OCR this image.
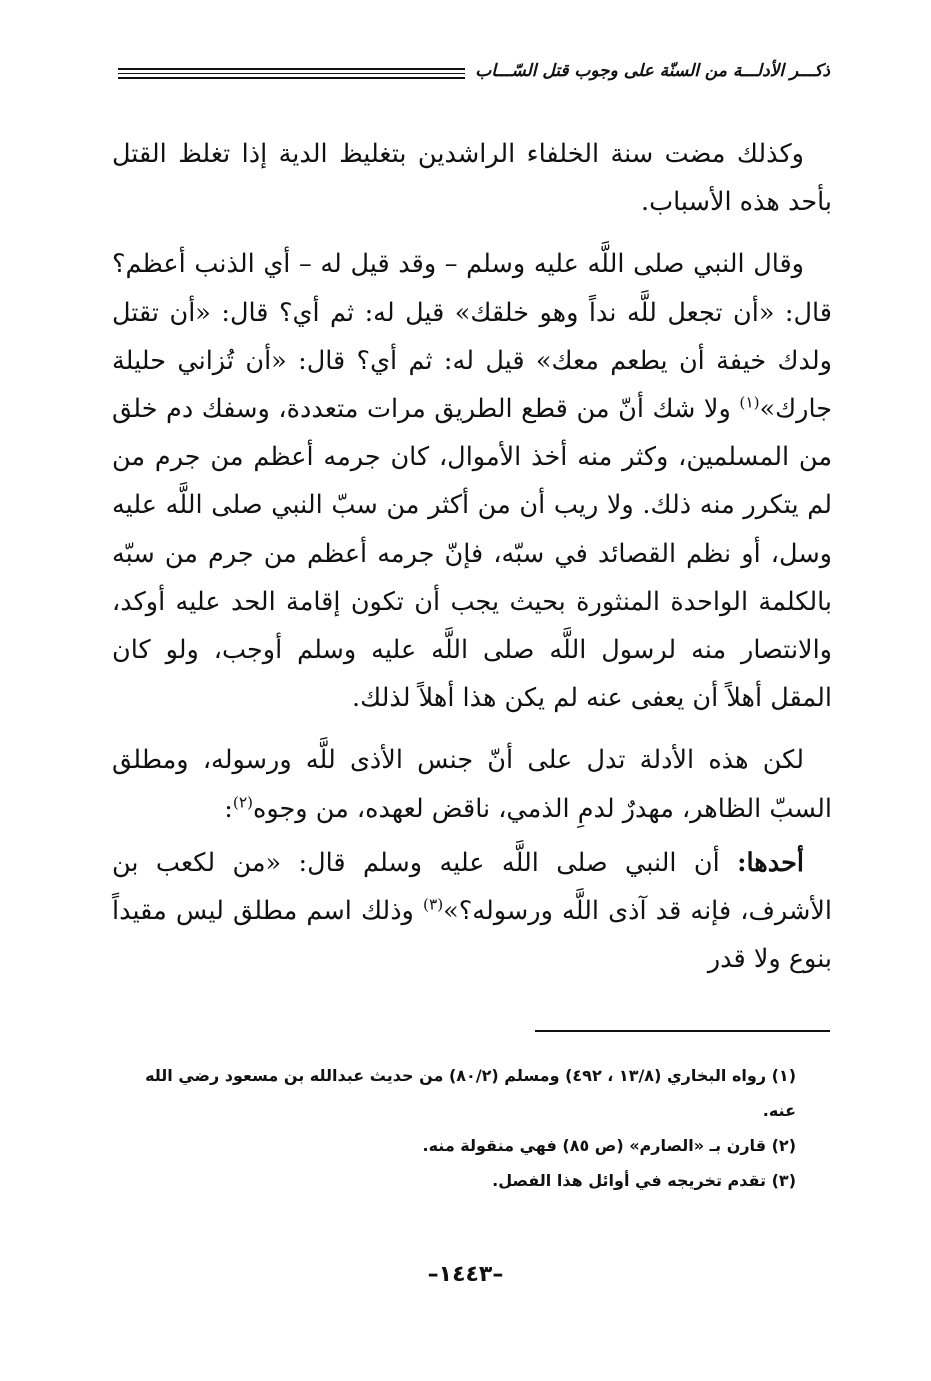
ذكـــر الأدلـــة من السنّة على وجوب قتل السّـــاب

وكذلك مضت سنة الخلفاء الراشدين بتغليظ الدية إذا تغلظ القتل بأحد هذه الأسباب.

وقال النبي صلى اللَّه عليه وسلم – وقد قيل له – أي الذنب أعظم؟ قال: «أن تجعل للَّه نداً وهو خلقك» قيل له: ثم أي؟ قال: «أن تقتل ولدك خيفة أن يطعم معك» قيل له: ثم أي؟ قال: «أن تُزاني حليلة جارك»$^{(١)}$ ولا شك أنّ من قطع الطريق مرات متعددة، وسفك دم خلق من المسلمين، وكثر منه أخذ الأموال، كان جرمه أعظم من جرم من لم يتكرر منه ذلك. ولا ريب أن من أكثر من سبّ النبي صلى اللَّه عليه وسل، أو نظم القصائد في سبّه، فإنّ جرمه أعظم من جرم من سبّه بالكلمة الواحدة المنثورة بحيث يجب أن تكون إقامة الحد عليه أوكد، والانتصار منه لرسول اللَّه صلى اللَّه عليه وسلم أوجب، ولو كان المقل أهلاً أن يعفى عنه لم يكن هذا أهلاً لذلك.

لكن هذه الأدلة تدل على أنّ جنس الأذى للَّه ورسوله، ومطلق السبّ الظاهر، مهدرٌ لدمِ الذمي، ناقض لعهده، من وجوه$^{(٢)}$:

أحدها: أن النبي صلى اللَّه عليه وسلم قال: «من لكعب بن الأشرف، فإنه قد آذى اللَّه ورسوله؟»$^{(٣)}$ وذلك اسم مطلق ليس مقيداً بنوع ولا قدر

(١) رواه البخاري (١٣/٨ ، ٤٩٢) ومسلم (٨٠/٢) من حديث عبدالله بن مسعود رضي الله عنه.

(٢) قارن بـ «الصارم» (ص ٨٥) فهي منقولة منه.

(٣) تقدم تخريجه في أوائل هذا الفصل.

–١٤٤٣–
